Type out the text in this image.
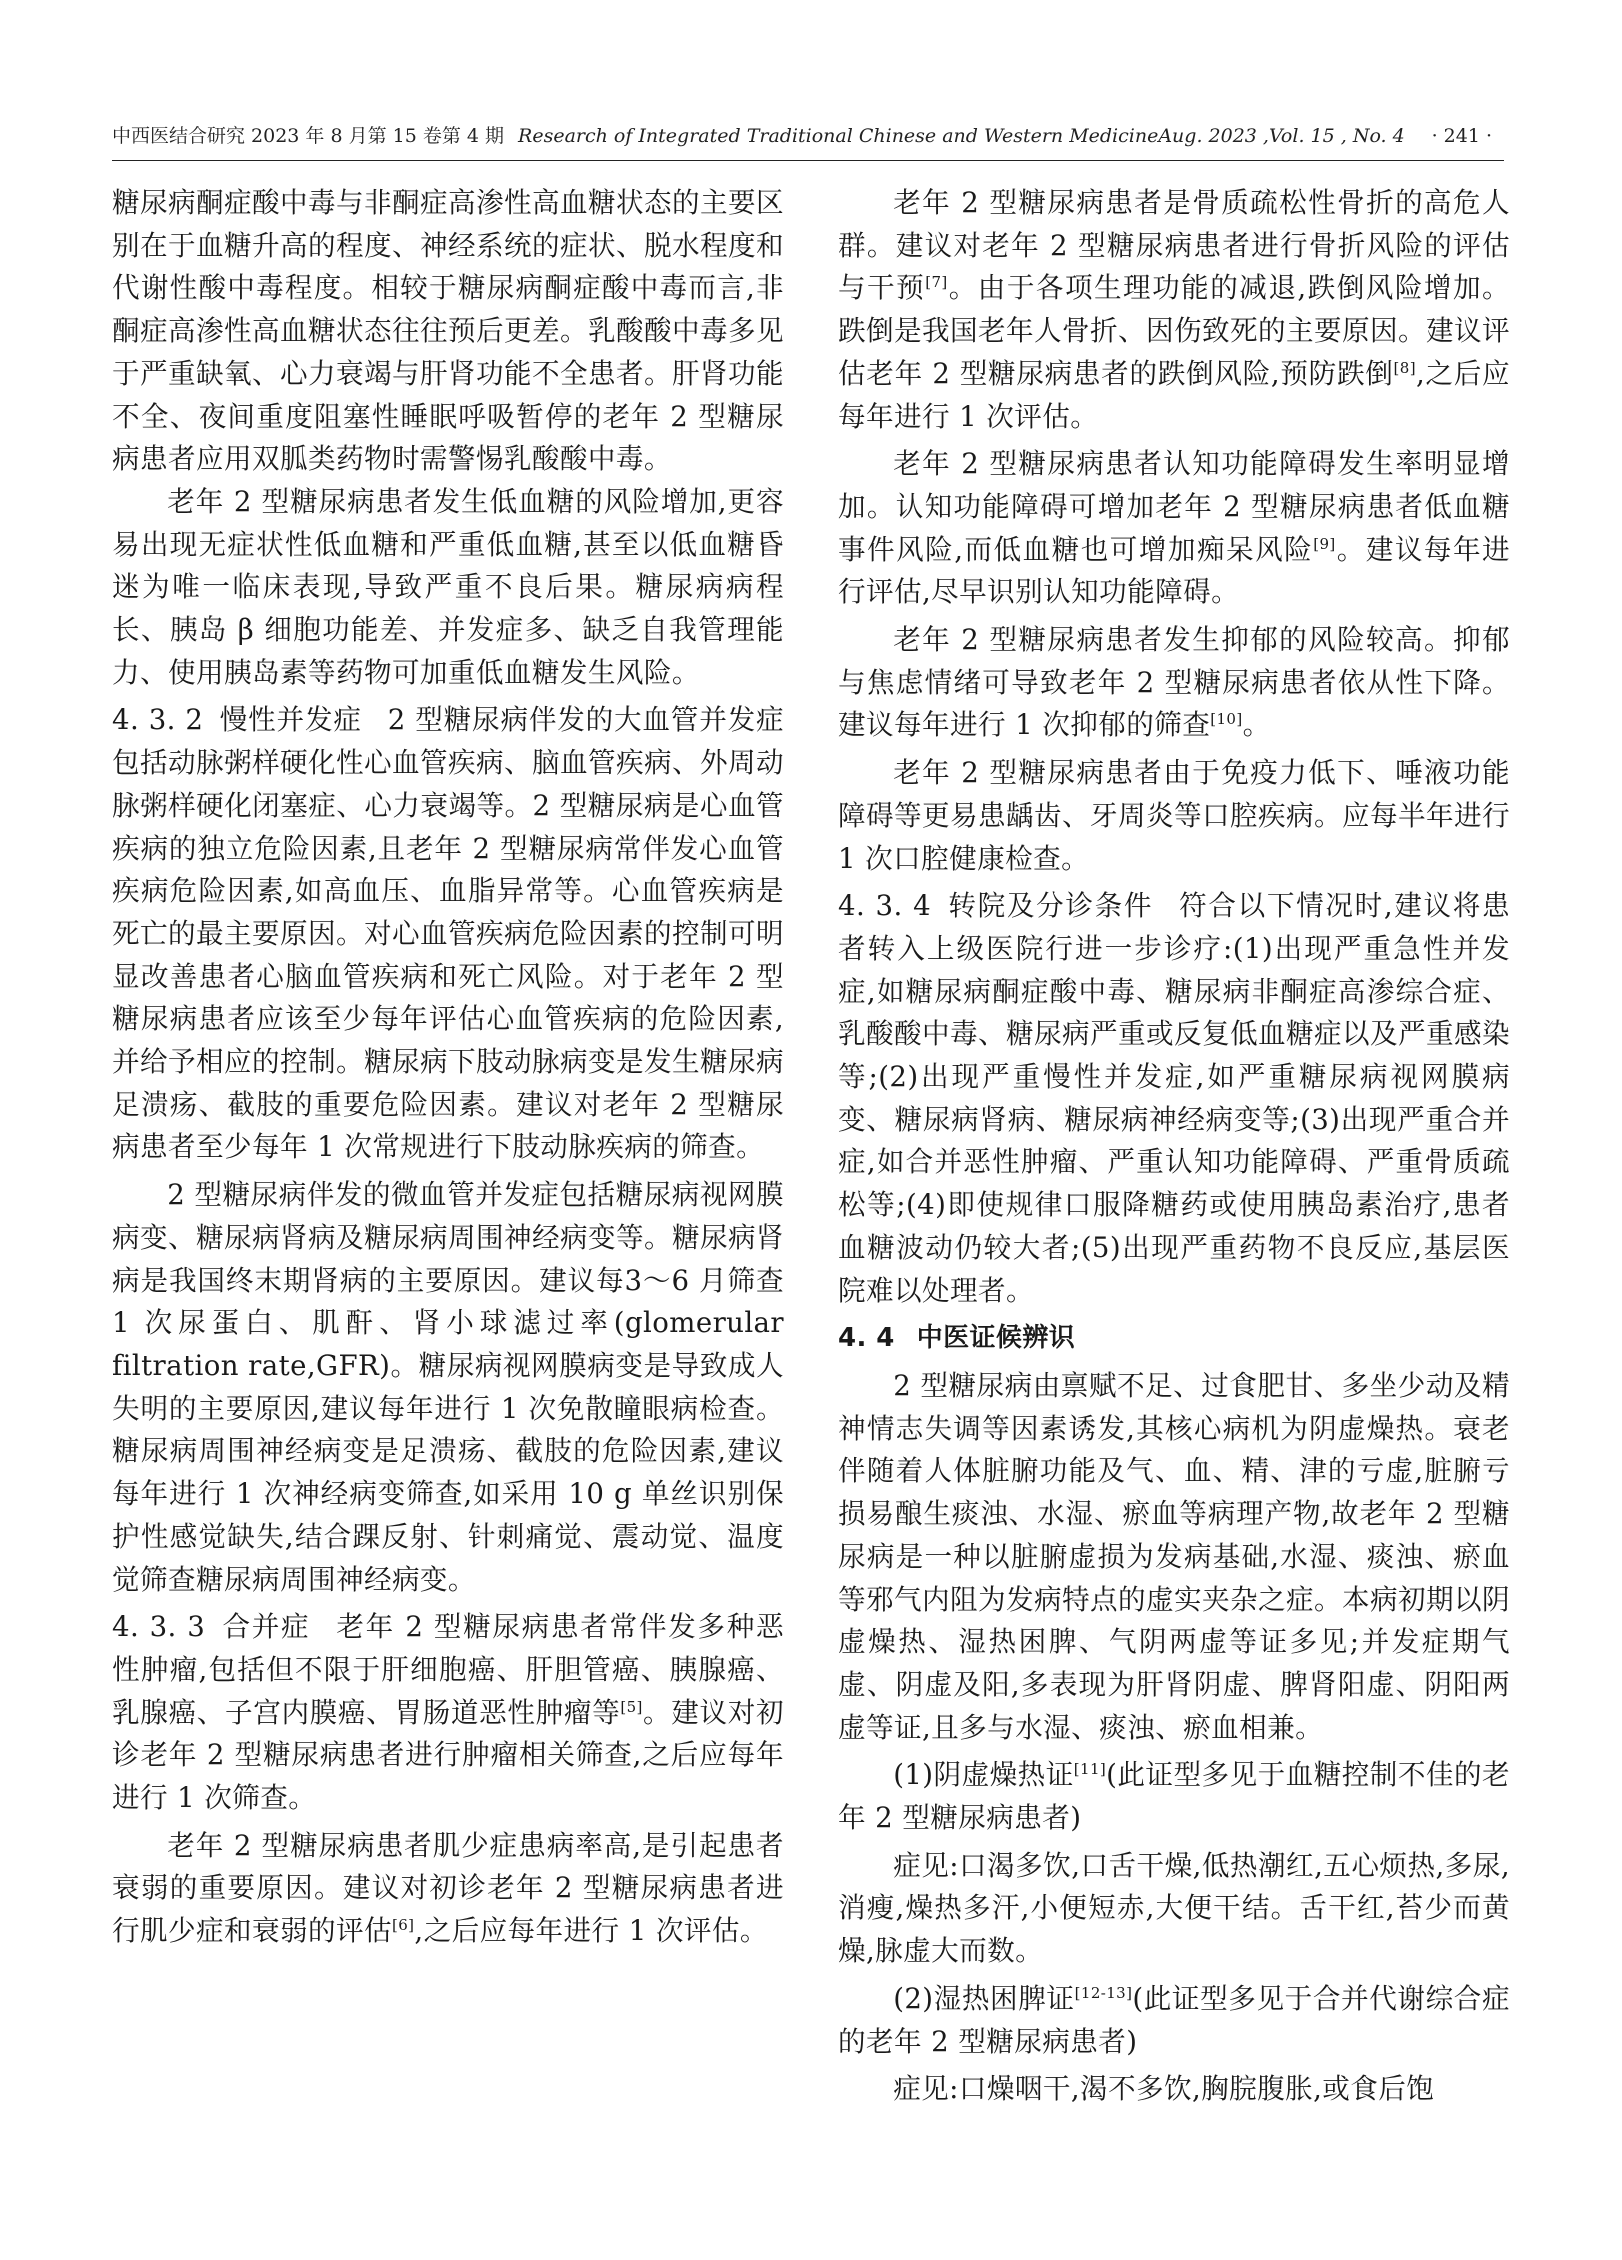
中西医结合研究 2023 年 8 月第 15 卷第 4 期 Research of Integrated Traditional Chinese and Western MedicineAug. 2023 ,Vol. 15 , No. 4 · 241 ·

糖尿病酮症酸中毒与非酮症高渗性高血糖状态的主要区别在于血糖升高的程度、神经系统的症状、脱水程度和代谢性酸中毒程度。相较于糖尿病酮症酸中毒而言,非酮症高渗性高血糖状态往往预后更差。乳酸酸中毒多见于严重缺氧、心力衰竭与肝肾功能不全患者。肝肾功能不全、夜间重度阻塞性睡眠呼吸暂停的老年 2 型糖尿病患者应用双胍类药物时需警惕乳酸酸中毒。

老年 2 型糖尿病患者发生低血糖的风险增加,更容易出现无症状性低血糖和严重低血糖,甚至以低血糖昏迷为唯一临床表现,导致严重不良后果。糖尿病病程长、胰岛 β 细胞功能差、并发症多、缺乏自我管理能力、使用胰岛素等药物可加重低血糖发生风险。

4. 3. 2 慢性并发症 2 型糖尿病伴发的大血管并发症包括动脉粥样硬化性心血管疾病、脑血管疾病、外周动脉粥样硬化闭塞症、心力衰竭等。2 型糖尿病是心血管疾病的独立危险因素,且老年 2 型糖尿病常伴发心血管疾病危险因素,如高血压、血脂异常等。心血管疾病是死亡的最主要原因。对心血管疾病危险因素的控制可明显改善患者心脑血管疾病和死亡风险。对于老年 2 型糖尿病患者应该至少每年评估心血管疾病的危险因素,并给予相应的控制。糖尿病下肢动脉病变是发生糖尿病足溃疡、截肢的重要危险因素。建议对老年 2 型糖尿病患者至少每年 1 次常规进行下肢动脉疾病的筛查。

2 型糖尿病伴发的微血管并发症包括糖尿病视网膜病变、糖尿病肾病及糖尿病周围神经病变等。糖尿病肾病是我国终末期肾病的主要原因。建议每3～6 月筛查 1 次尿蛋白、肌酐、肾小球滤过率(glomerular filtration rate,GFR)。糖尿病视网膜病变是导致成人失明的主要原因,建议每年进行 1 次免散瞳眼病检查。糖尿病周围神经病变是足溃疡、截肢的危险因素,建议每年进行 1 次神经病变筛查,如采用 10 g 单丝识别保护性感觉缺失,结合踝反射、针刺痛觉、震动觉、温度觉筛查糖尿病周围神经病变。

4. 3. 3 合并症 老年 2 型糖尿病患者常伴发多种恶性肿瘤,包括但不限于肝细胞癌、肝胆管癌、胰腺癌、乳腺癌、子宫内膜癌、胃肠道恶性肿瘤等[5]。建议对初诊老年 2 型糖尿病患者进行肿瘤相关筛查,之后应每年进行 1 次筛查。

老年 2 型糖尿病患者肌少症患病率高,是引起患者衰弱的重要原因。建议对初诊老年 2 型糖尿病患者进行肌少症和衰弱的评估[6],之后应每年进行 1 次评估。

老年 2 型糖尿病患者是骨质疏松性骨折的高危人群。建议对老年 2 型糖尿病患者进行骨折风险的评估与干预[7]。由于各项生理功能的减退,跌倒风险增加。跌倒是我国老年人骨折、因伤致死的主要原因。建议评估老年 2 型糖尿病患者的跌倒风险,预防跌倒[8],之后应每年进行 1 次评估。

老年 2 型糖尿病患者认知功能障碍发生率明显增加。认知功能障碍可增加老年 2 型糖尿病患者低血糖事件风险,而低血糖也可增加痴呆风险[9]。建议每年进行评估,尽早识别认知功能障碍。

老年 2 型糖尿病患者发生抑郁的风险较高。抑郁与焦虑情绪可导致老年 2 型糖尿病患者依从性下降。建议每年进行 1 次抑郁的筛查[10]。

老年 2 型糖尿病患者由于免疫力低下、唾液功能障碍等更易患龋齿、牙周炎等口腔疾病。应每半年进行 1 次口腔健康检查。

4. 3. 4 转院及分诊条件 符合以下情况时,建议将患者转入上级医院行进一步诊疗:(1)出现严重急性并发症,如糖尿病酮症酸中毒、糖尿病非酮症高渗综合症、乳酸酸中毒、糖尿病严重或反复低血糖症以及严重感染等;(2)出现严重慢性并发症,如严重糖尿病视网膜病变、糖尿病肾病、糖尿病神经病变等;(3)出现严重合并症,如合并恶性肿瘤、严重认知功能障碍、严重骨质疏松等;(4)即使规律口服降糖药或使用胰岛素治疗,患者血糖波动仍较大者;(5)出现严重药物不良反应,基层医院难以处理者。

4. 4 中医证候辨识

2 型糖尿病由禀赋不足、过食肥甘、多坐少动及精神情志失调等因素诱发,其核心病机为阴虚燥热。衰老伴随着人体脏腑功能及气、血、精、津的亏虚,脏腑亏损易酿生痰浊、水湿、瘀血等病理产物,故老年 2 型糖尿病是一种以脏腑虚损为发病基础,水湿、痰浊、瘀血等邪气内阻为发病特点的虚实夹杂之症。本病初期以阴虚燥热、湿热困脾、气阴两虚等证多见;并发症期气虚、阴虚及阳,多表现为肝肾阴虚、脾肾阳虚、阴阳两虚等证,且多与水湿、痰浊、瘀血相兼。

(1)阴虚燥热证[11](此证型多见于血糖控制不佳的老年 2 型糖尿病患者)

症见:口渴多饮,口舌干燥,低热潮红,五心烦热,多尿,消瘦,燥热多汗,小便短赤,大便干结。舌干红,苔少而黄燥,脉虚大而数。

(2)湿热困脾证[12-13](此证型多见于合并代谢综合症的老年 2 型糖尿病患者)

症见:口燥咽干,渴不多饮,胸脘腹胀,或食后饱
